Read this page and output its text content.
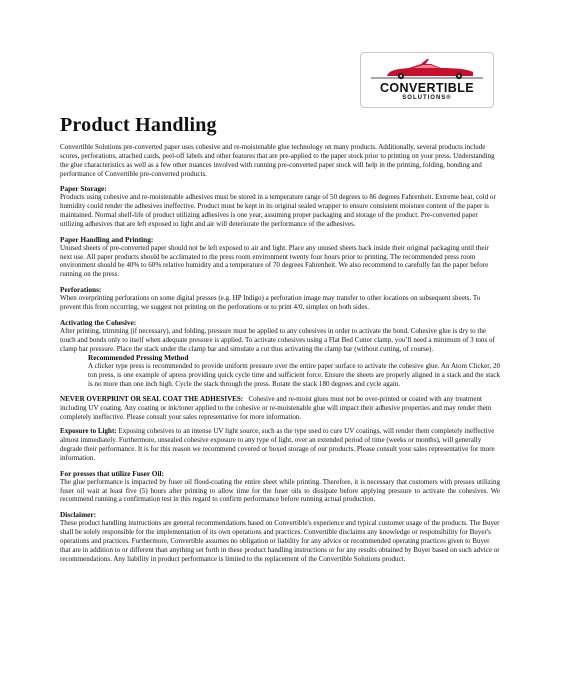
CONVERTIBLE
SOLUTIONS®
Product Handling

Convertible Solutions pre-converted paper uses cohesive and re-moistenable glue technology on many products. Additionally, several products include scores, perforations, attached cards, peel-off labels and other features that are pre-applied to the paper stock prior to printing on your press. Understanding the glue characteristics as well as a few other nuances involved with running pre-converted paper stock will help in the printing, folding, bonding and performance of Convertible pre-converted products.

Paper Storage:

Products using cohesive and re-moistenable adhesives must be stored in a temperature range of 50 degrees to 86 degrees Fahrenheit. Extreme heat, cold or humidity could render the adhesives ineffective. Product must be kept in its original sealed wrapper to ensure consistent moisture content of the paper is maintained. Normal shelf-life of product utilizing adhesives is one year, assuming proper packaging and storage of the product. Pre-converted paper utilizing adhesives that are left exposed to light and air will deteriorate the performance of the adhesives.

Paper Handling and Printing:

Unused sheets of pre-converted paper should not be left exposed to air and light. Place any unused sheets back inside their original packaging until their next use. All paper products should be acclimated to the press room environment twenty four hours prior to printing. The recommended press room environment should be 40% to 60% relative humidity and a temperature of 70 degrees Fahrenheit. We also recommend to carefully fan the paper before running on the press.

Perforations:

When overprinting perforations on some digital presses (e.g. HP Indigo) a perforation image may transfer to other locations on subsequent sheets. To prevent this from occurring, we suggest not printing on the perforations or to print 4/0, simplex on both sides.

Activating the Cohesive:

After printing, trimming (if necessary), and folding, pressure must be applied to any cohesives in order to activate the bond. Cohesive glue is dry to the touch and bonds only to itself when adequate pressure is applied. To activate cohesives using a Flat Bed Cutter clamp, you’ll need a minimum of 3 tons of clamp bar pressure. Place the stack under the clamp bar and simulate a cut thus activating the clamp bar (without cutting, of course).

Recommended Pressing Method

A clicker type press is recommended to provide uniform pressure over the entire paper surface to activate the cohesive glue. An Atom Clicker, 20 ton press, is one example of apress providing quick cycle time and sufficient force. Ensure the sheets are properly aligned in a stack and the stack is no more than one inch high. Cycle the stack through the press. Rotate the stack 180 degrees and cycle again.

NEVER OVERPRINT OR SEAL COAT THE ADHESIVES: Cohesive and re-moist glues must not be over-printed or coated with any treatment including UV coating. Any coating or ink/toner applied to the cohesive or re-moistenable glue will impact their adhesive properties and may render them completely ineffective. Please consult your sales representative for more information.

Exposure to Light: Exposing cohesives to an intense UV light source, such as the type used to cure UV coatings, will render them completely ineffective almost immediately. Furthermore, unsealed cohesive exposure to any type of light, over an extended period of time (weeks or months), will generally degrade their performance. It is for this reason we recommend covered or boxed storage of our products. Please consult your sales representative for more information.

For presses that utilize Fuser Oil:

The glue performance is impacted by fuser oil flood-coating the entire sheet while printing. Therefore, it is necessary that customers with presses utilizing fuser oil wait at least five (5) hours after printing to allow time for the fuser oils to dissipate before applying pressure to activate the cohesives. We recommend running a confirmation test in this regard to confirm performance before running actual production.

Disclaimer:

These product handling instructions are general recommendations based on Convertible's experience and typical customer usage of the products. The Buyer shall be solely responsible for the implementation of its own operations and practices. Convertible disclaims any knowledge or responsibility for Buyer's operations and practices. Furthermore, Convertible assumes no obligation or liability for any advice or recommended operating practices given to Buyer that are in addition to or different than anything set forth in these product handling instructions or for any results obtained by Buyer based on such advice or recommendations. Any liability in product performance is limited to the replacement of the Convertible Solutions product.
